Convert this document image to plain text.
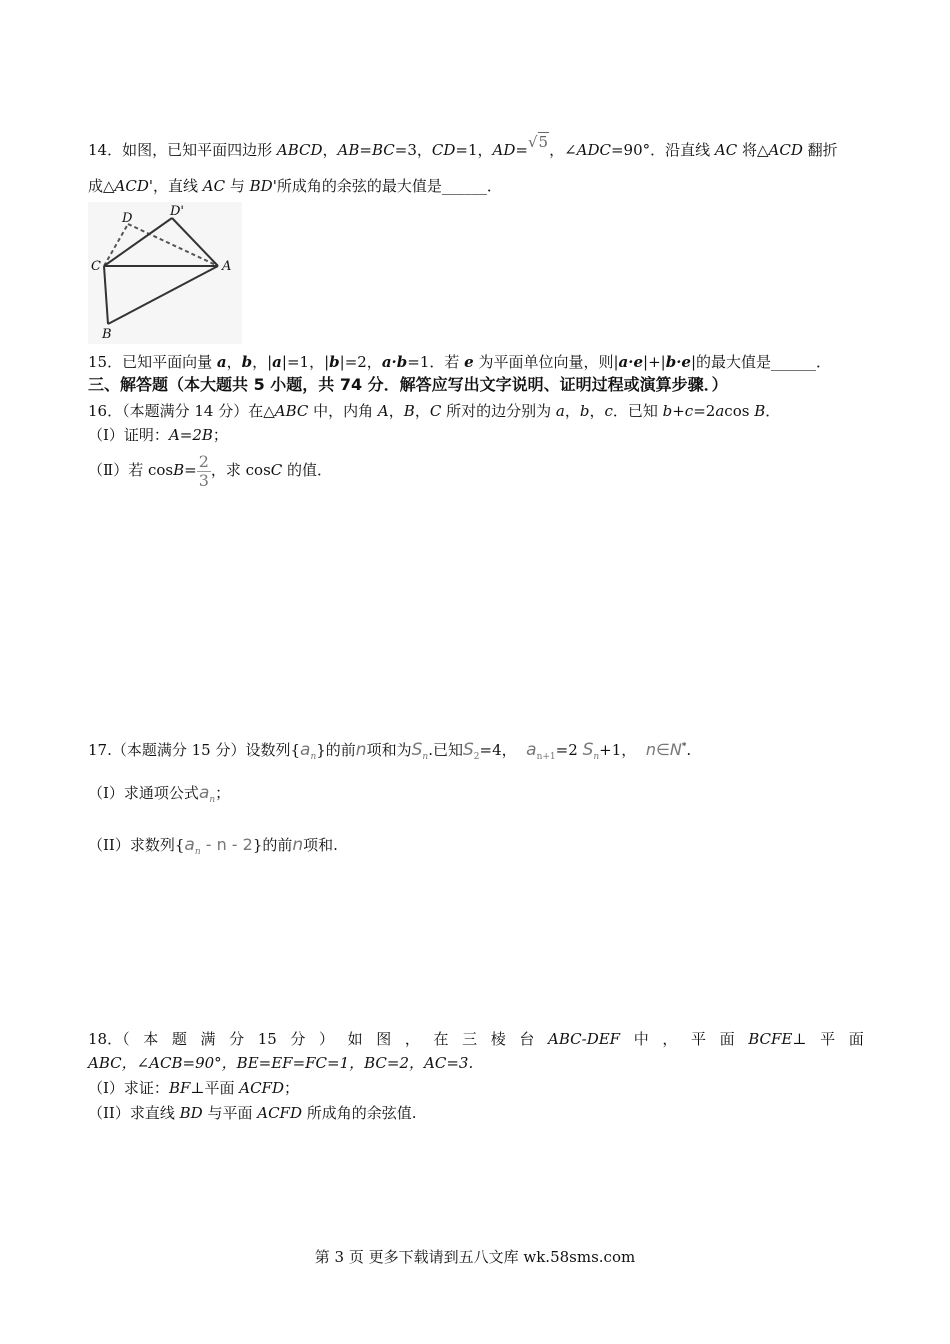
14．如图，已知平面四边形 ABCD，AB=BC=3，CD=1，AD=√5，∠ADC=90°．沿直线 AC 将△ACD 翻折
成△ACD'，直线 AC 与 BD'所成角的余弦的最大值是______．
D	D'
C	A
B
15．已知平面向量 a，b，|a|=1，|b|=2，a·b=1．若 e 为平面单位向量，则|a·e|+|b·e|的最大值是______．
三、解答题（本大题共 5 小题，共 74 分．解答应写出文字说明、证明过程或演算步骤．）
16．（本题满分 14 分）在△ABC 中，内角 A，B，C 所对的边分别为 a，b，c．已知 b+c=2acos B．
（Ⅰ）证明：A=2B；
（Ⅱ）若 $\cos B= \frac{2}{3}$ ，求 cosC 的值．
17.（本题满分 15 分）设数列$\{a_n\}$的前n项和为$S_n$.已知$S_2=4$， $a_{n+1}=2$ $S_n+1$， n∈N*.
（I）求通项公式$a_n$；
（II）求数列{$a_n$ - n - 2}的前n项和.
18．（ 本 题 满 分 15 分 ） 如 图 ， 在 三 棱 台 ABC-DEF 中 ， 平 面 BCFE⊥ 平 面
ABC，∠ACB=90°，BE=EF=FC=1，BC=2，AC=3.
（I）求证：BF⊥平面 ACFD；
（II）求直线 BD 与平面 ACFD 所成角的余弦值.
第 3 页 更多下载请到五八文库 wk.58sms.com
